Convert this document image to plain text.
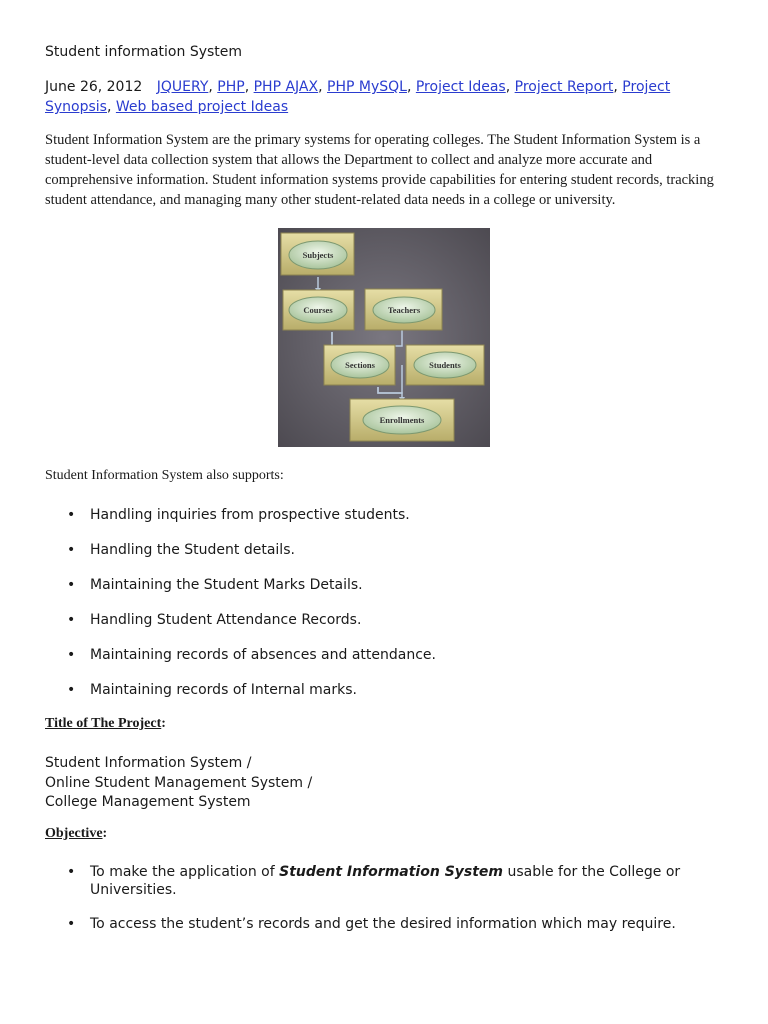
Student information System
June 26, 2012 JQUERY, PHP, PHP AJAX, PHP MySQL, Project Ideas, Project Report, Project Synopsis, Web based project Ideas
Student Information System are the primary systems for operating colleges. The Student Information System is a student-level data collection system that allows the Department to collect and analyze more accurate and comprehensive information. Student information systems provide capabilities for entering student records, tracking student attendance, and managing many other student-related data needs in a college or university.
Subjects
Courses	Teachers
Sections	Students
Enrollments
Student Information System also supports:
• Handling inquiries from prospective students.
• Handling the Student details.
• Maintaining the Student Marks Details.
• Handling Student Attendance Records.
• Maintaining records of absences and attendance.
• Maintaining records of Internal marks.
Title of The Project:
Student Information System /
Online Student Management System /
College Management System
Objective:
• To make the application of Student Information System usable for the College or Universities.
• To access the student’s records and get the desired information which may require.
